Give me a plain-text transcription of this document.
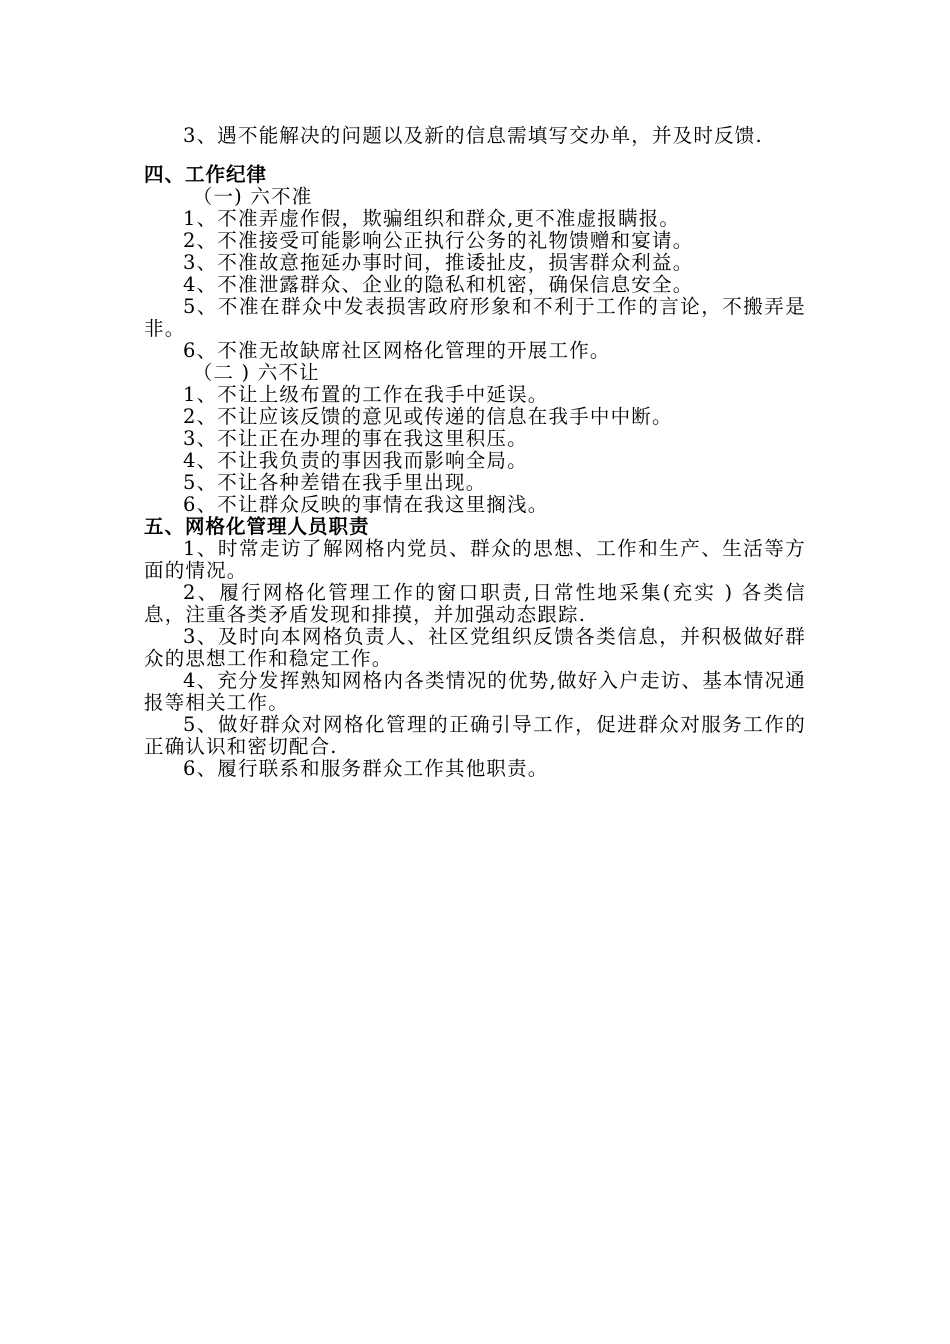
3、遇不能解决的问题以及新的信息需填写交办单，并及时反馈.

四、工作纪律
（一) 六不准

1、不准弄虚作假，欺骗组织和群众,更不准虚报瞒报。

2、不准接受可能影响公正执行公务的礼物馈赠和宴请。

3、不准故意拖延办事时间，推诿扯皮，损害群众利益。

4、不准泄露群众、企业的隐私和机密，确保信息安全。

5、不准在群众中发表损害政府形象和不利于工作的言论，不搬弄是非。

6、不准无故缺席社区网格化管理的开展工作。

（二 ) 六不让

1、不让上级布置的工作在我手中延误。

2、不让应该反馈的意见或传递的信息在我手中中断。

3、不让正在办理的事在我这里积压。

4、不让我负责的事因我而影响全局。

5、不让各种差错在我手里出现。

6、不让群众反映的事情在我这里搁浅。

五、网格化管理人员职责

1、时常走访了解网格内党员、群众的思想、工作和生产、生活等方面的情况。

2、履行网格化管理工作的窗口职责,日常性地采集(充实 ) 各类信息，注重各类矛盾发现和排摸，并加强动态跟踪.

3、及时向本网格负责人、社区党组织反馈各类信息，并积极做好群众的思想工作和稳定工作。

4、充分发挥熟知网格内各类情况的优势,做好入户走访、基本情况通报等相关工作。

5、做好群众对网格化管理的正确引导工作，促进群众对服务工作的正确认识和密切配合.

6、履行联系和服务群众工作其他职责。
